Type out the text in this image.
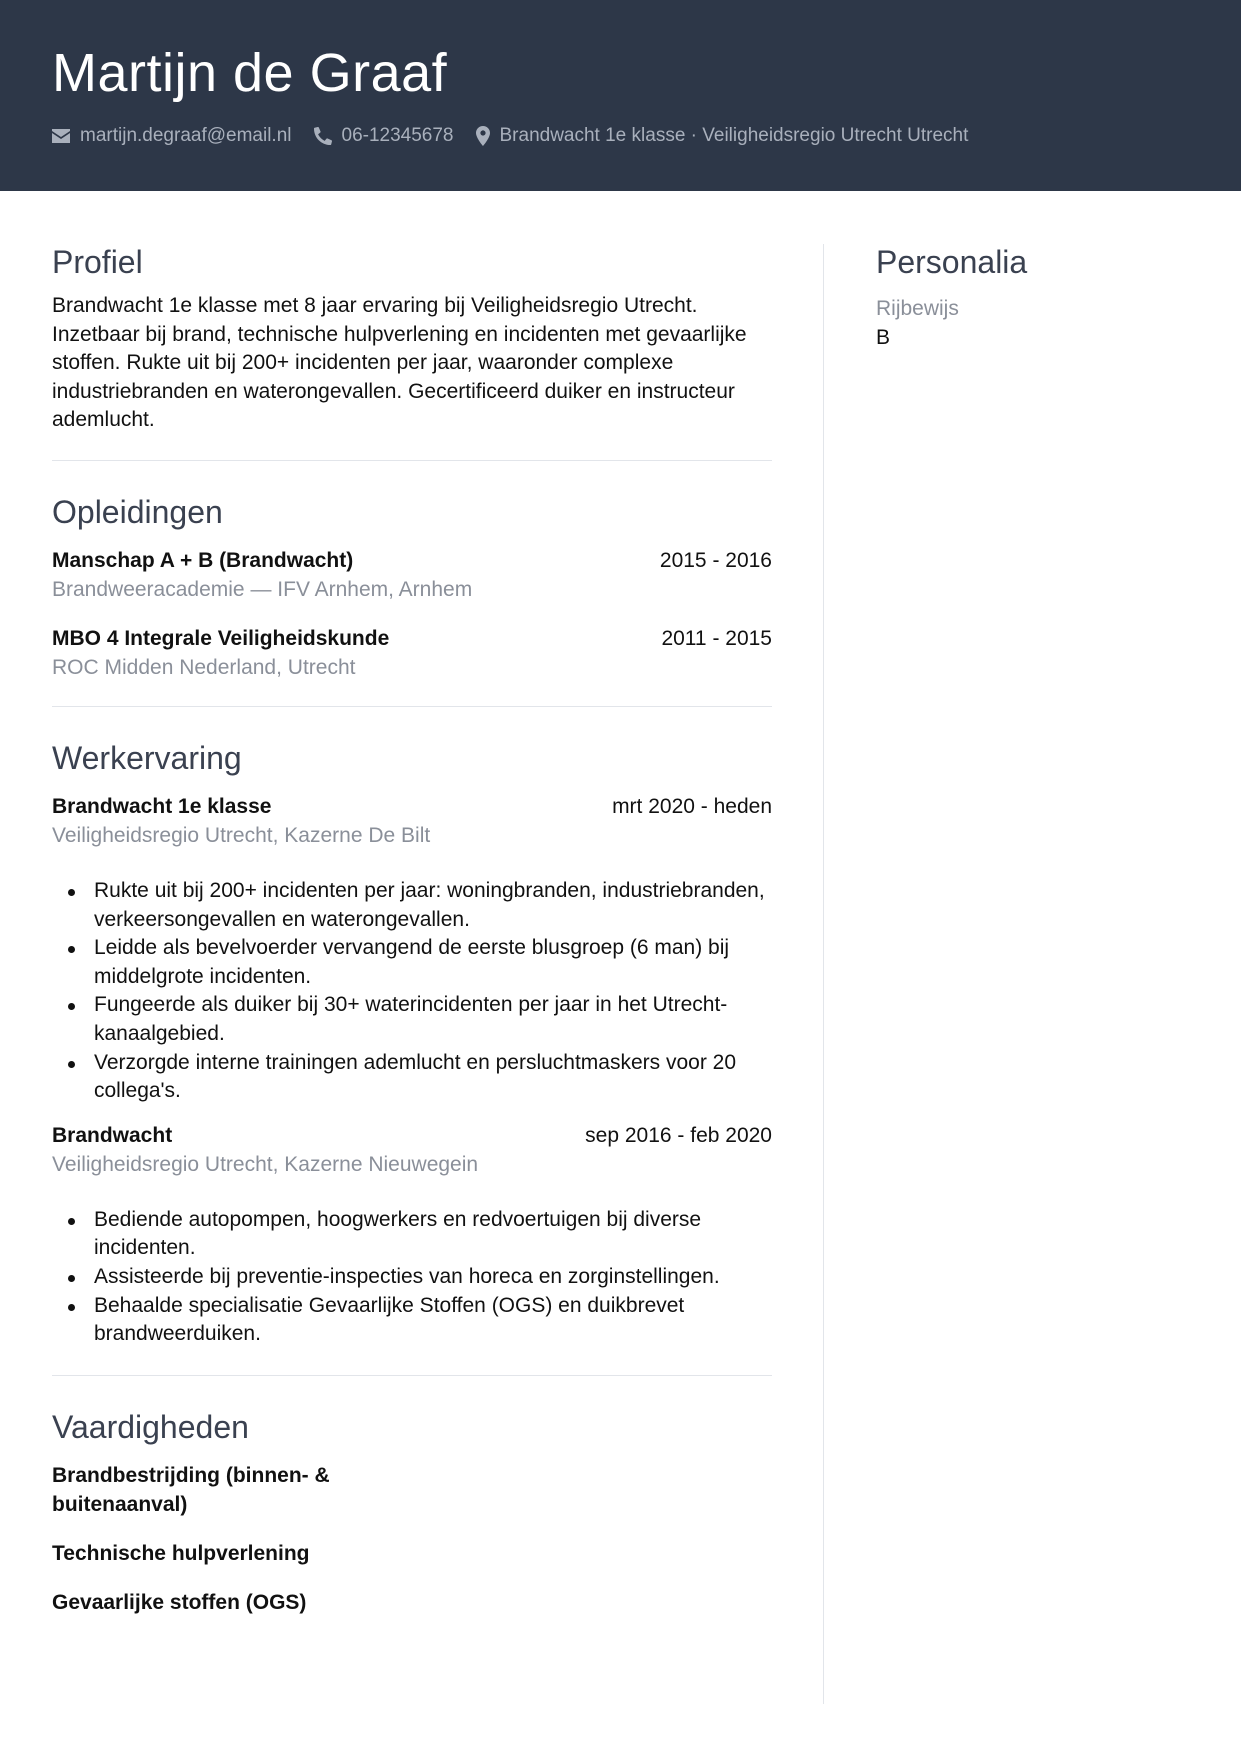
Martijn de Graaf
martijn.degraaf@email.nl	06-12345678 Brandwacht 1e klasse · Veiligheidsregio Utrecht Utrecht
Profiel

Brandwacht 1e klasse met 8 jaar ervaring bij Veiligheidsregio Utrecht. Inzetbaar bij brand, technische hulpverlening en incidenten met gevaarlijke stoffen. Rukte uit bij 200+ incidenten per jaar, waaronder complexe industriebranden en waterongevallen. Gecertificeerd duiker en instructeur ademlucht.

Opleidingen
Manschap A + B (Brandwacht)	2015 - 2016
Brandweeracademie — IFV Arnhem, Arnhem
MBO 4 Integrale Veiligheidskunde	2011 - 2015
ROC Midden Nederland, Utrecht
Werkervaring
Brandwacht 1e klasse	mrt 2020 - heden
Veiligheidsregio Utrecht, Kazerne De Bilt
Rukte uit bij 200+ incidenten per jaar: woningbranden, industriebranden, verkeersongevallen en waterongevallen.
Leidde als bevelvoerder vervangend de eerste blusgroep (6 man) bij middelgrote incidenten.
Fungeerde als duiker bij 30+ waterincidenten per jaar in het Utrecht-kanaalgebied.
Verzorgde interne trainingen ademlucht en persluchtmaskers voor 20 collega's.
Brandwacht	sep 2016 - feb 2020
Veiligheidsregio Utrecht, Kazerne Nieuwegein
Bediende autopompen, hoogwerkers en redvoertuigen bij diverse incidenten.
Assisteerde bij preventie-inspecties van horeca en zorginstellingen.
Behaalde specialisatie Gevaarlijke Stoffen (OGS) en duikbrevet brandweerduiken.
Vaardigheden
Brandbestrijding (binnen- & buitenaanval)
Technische hulpverlening
Gevaarlijke stoffen (OGS)
Personalia
Rijbewijs
B
